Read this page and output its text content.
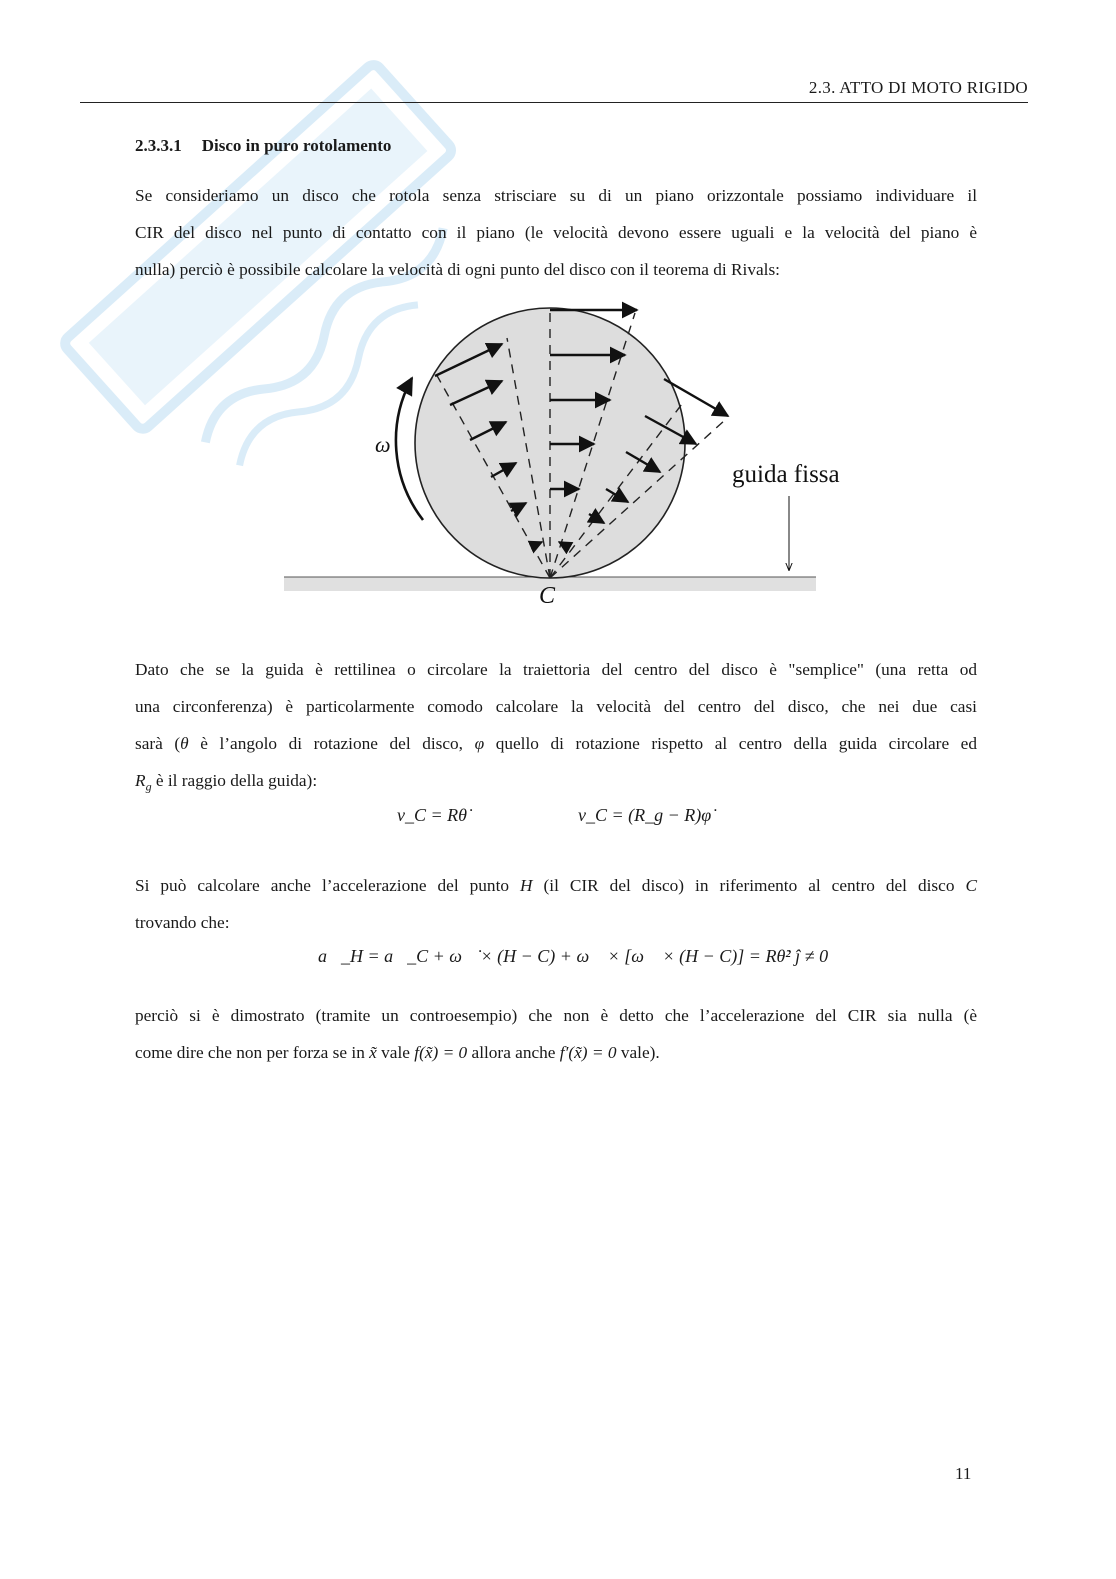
2.3. ATTO DI MOTO RIGIDO
2.3.3.1 Disco in puro rotolamento
Se consideriamo un disco che rotola senza strisciare su di un piano orizzontale possiamo individuare il
CIR del disco nel punto di contatto con il piano (le velocità devono essere uguali e la velocità del piano è
nulla) perciò è possibile calcolare la velocità di ogni punto del disco con il teorema di Rivals:
ω
guida fissa
C
Dato che se la guida è rettilinea o circolare la traiettoria del centro del disco è "semplice" (una retta od
una circonferenza) è particolarmente comodo calcolare la velocità del centro del disco, che nei due casi
sarà (θ è l’angolo di rotazione del disco, φ quello di rotazione rispetto al centro della guida circolare ed
$R_g$ è il raggio della guida):
v_C = Rθ̇	v_C = (R_g − R)φ̇
Si può calcolare anche l’accelerazione del punto H (il CIR del disco) in riferimento al centro del disco C
trovando che:
a⃗_H = a⃗_C + ω⃗̇ × (H − C) + ω⃗ × [ω⃗ × (H − C)] = Rθ̇² ĵ ≠ 0⃗
perciò si è dimostrato (tramite un controesempio) che non è detto che l’accelerazione del CIR sia nulla (è
come dire che non per forza se in x̃ vale f(x̃) = 0 allora anche f′(x̃) = 0 vale).
11
